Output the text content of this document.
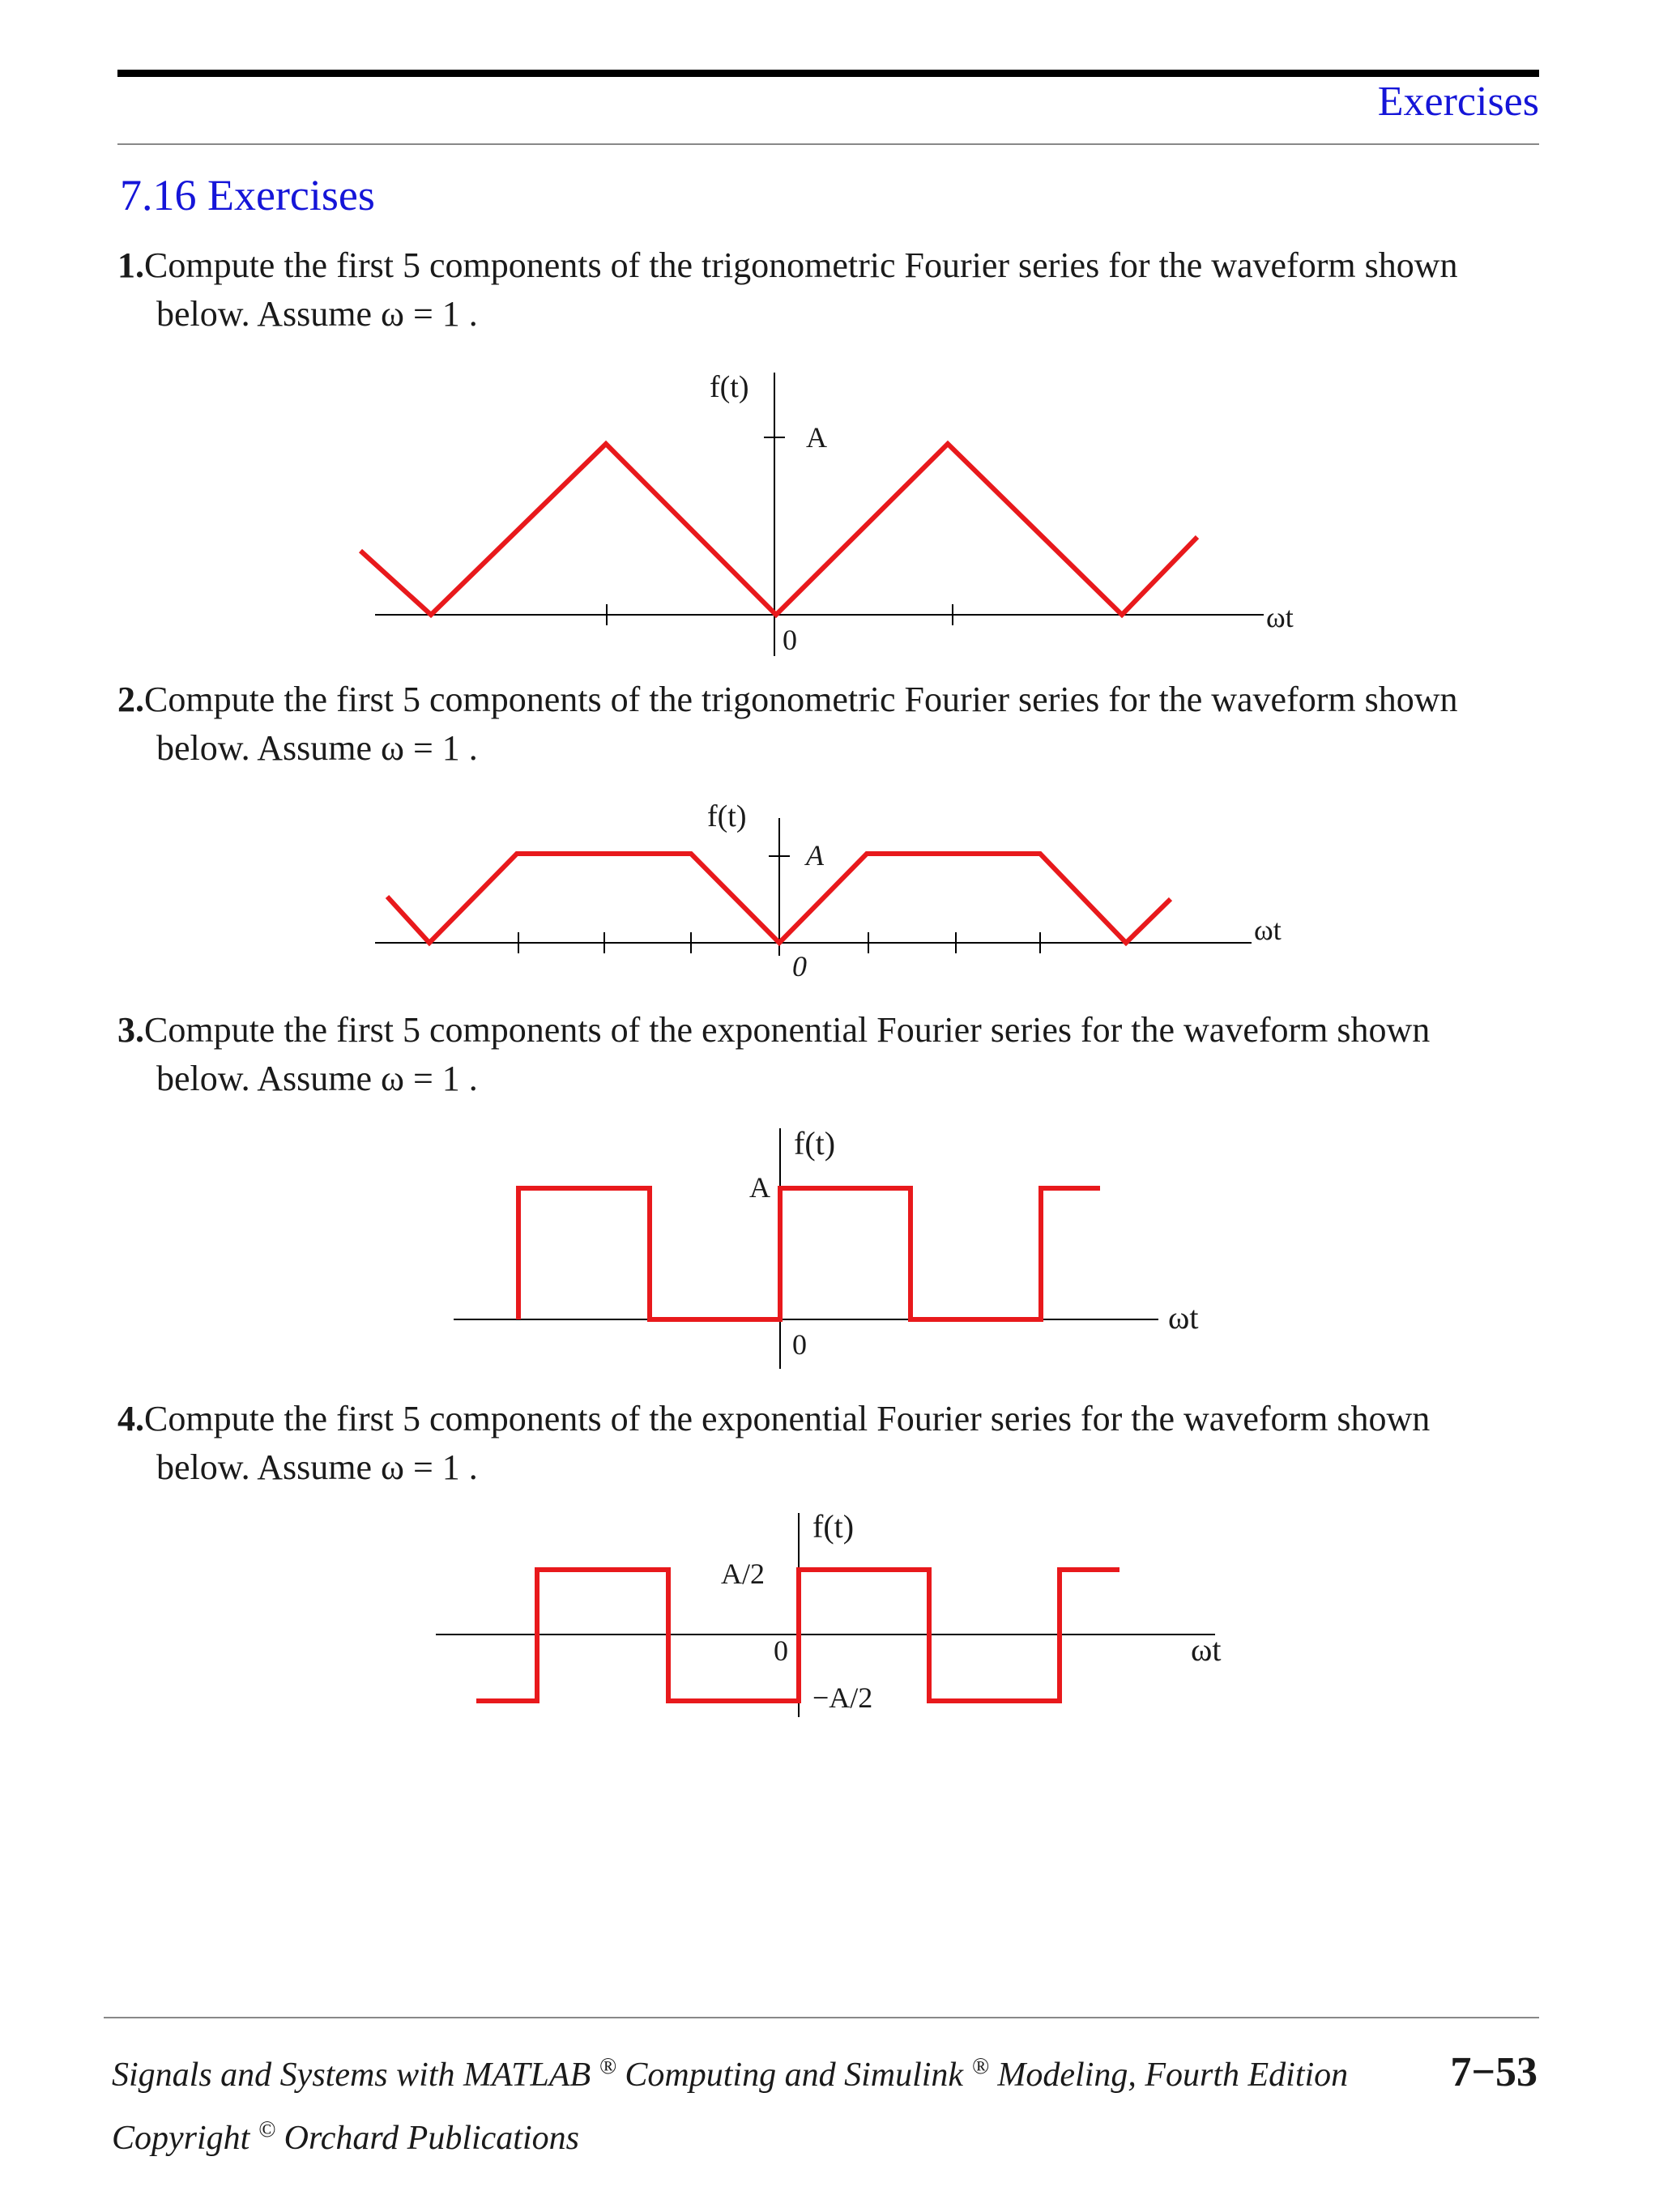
Exercises
7.16 Exercises
1.Compute the first 5 components of the trigonometric Fourier series for the waveform shown
below. Assume ω = 1 .
2.Compute the first 5 components of the trigonometric Fourier series for the waveform shown
below. Assume ω = 1 .
3.Compute the first 5 components of the exponential Fourier series for the waveform shown
below. Assume ω = 1 .
4.Compute the first 5 components of the exponential Fourier series for the waveform shown
below. Assume ω = 1 .
f(t)
A
0
ωt
f(t)
A
0
ωt
f(t)
A
0
ωt
f(t)
A/2
−A/2
0	ωt
Signals and Systems with MATLAB ® Computing and Simulink ® Modeling, Fourth Edition 7−53
Copyright © Orchard Publications
